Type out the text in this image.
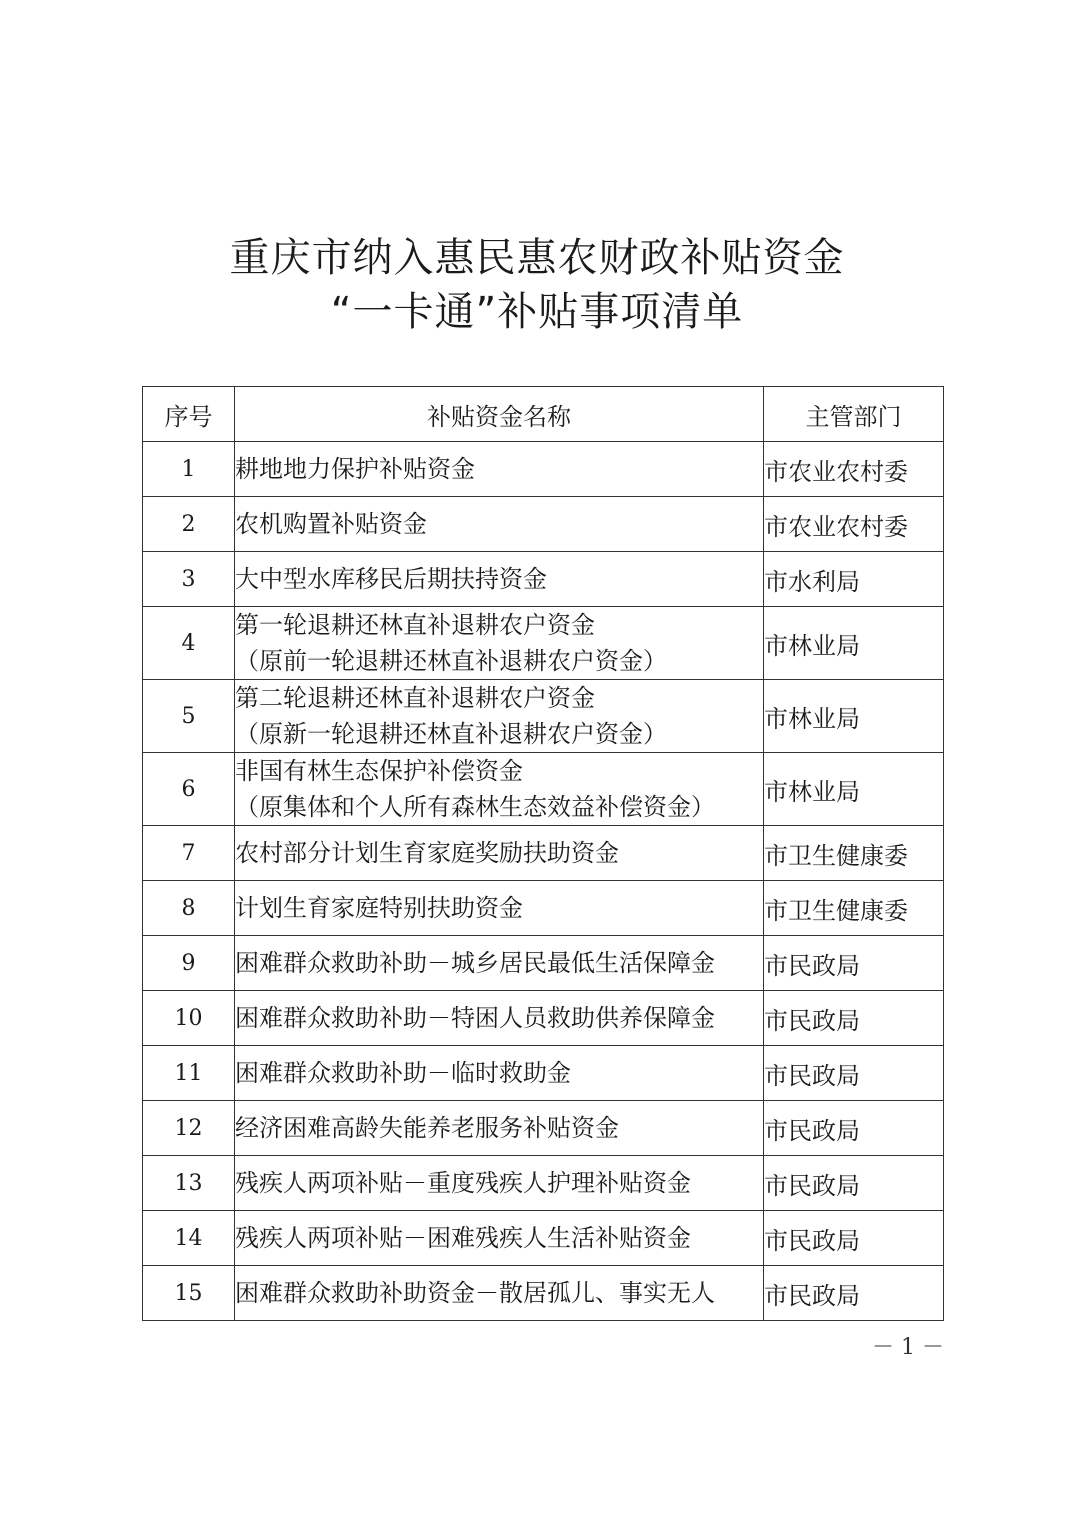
重庆市纳入惠民惠农财政补贴资金
“一卡通”补贴事项清单
序号	补贴资金名称	主管部门
1	耕地地力保护补贴资金	市农业农村委
2	农机购置补贴资金	市农业农村委
3	大中型水库移民后期扶持资金	市水利局
4	第一轮退耕还林直补退耕农户资金
（原前一轮退耕还林直补退耕农户资金）	市林业局
5	第二轮退耕还林直补退耕农户资金
（原新一轮退耕还林直补退耕农户资金）	市林业局
6	非国有林生态保护补偿资金
（原集体和个人所有森林生态效益补偿资金）	市林业局
7	农村部分计划生育家庭奖励扶助资金	市卫生健康委
8	计划生育家庭特别扶助资金	市卫生健康委
9	困难群众救助补助－城乡居民最低生活保障金	市民政局
10	困难群众救助补助－特困人员救助供养保障金	市民政局
11	困难群众救助补助－临时救助金	市民政局
12	经济困难高龄失能养老服务补贴资金	市民政局
13	残疾人两项补贴－重度残疾人护理补贴资金	市民政局
14	残疾人两项补贴－困难残疾人生活补贴资金	市民政局
15	困难群众救助补助资金－散居孤儿、事实无人	市民政局
－ 1 －
